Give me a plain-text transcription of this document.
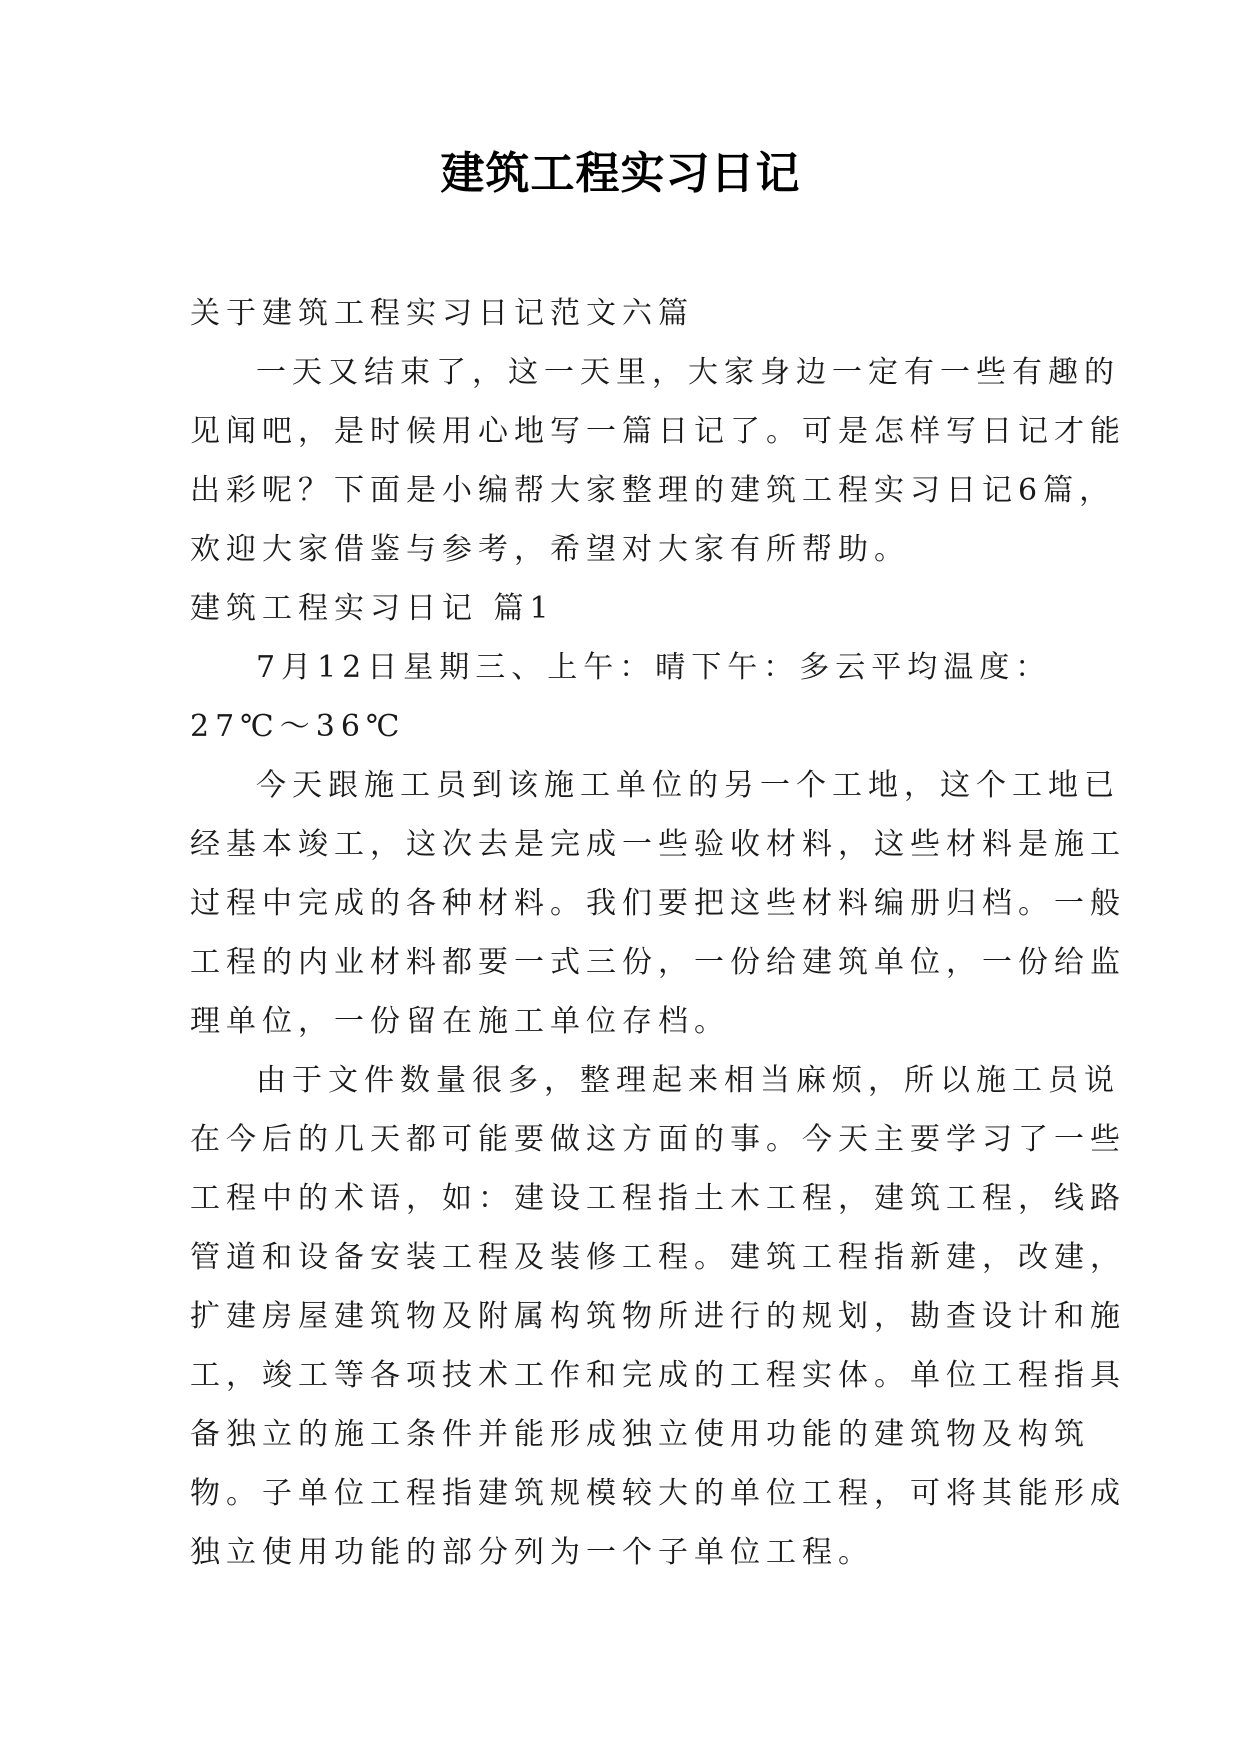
建筑工程实习日记

关于建筑工程实习日记范文六篇

一天又结束了，这一天里，大家身边一定有一些有趣的
见闻吧，是时候用心地写一篇日记了。可是怎样写日记才能
出彩呢？下面是小编帮大家整理的建筑工程实习日记6篇，
欢迎大家借鉴与参考，希望对大家有所帮助。

建筑工程实习日记 篇1

7月12日星期三、上午：晴下午：多云平均温度：
27℃～36℃

今天跟施工员到该施工单位的另一个工地，这个工地已
经基本竣工，这次去是完成一些验收材料，这些材料是施工
过程中完成的各种材料。我们要把这些材料编册归档。一般
工程的内业材料都要一式三份，一份给建筑单位，一份给监
理单位，一份留在施工单位存档。

由于文件数量很多，整理起来相当麻烦，所以施工员说
在今后的几天都可能要做这方面的事。今天主要学习了一些
工程中的术语，如：建设工程指土木工程，建筑工程，线路
管道和设备安装工程及装修工程。建筑工程指新建，改建，
扩建房屋建筑物及附属构筑物所进行的规划，勘查设计和施
工，竣工等各项技术工作和完成的工程实体。单位工程指具
备独立的施工条件并能形成独立使用功能的建筑物及构筑
物。子单位工程指建筑规模较大的单位工程，可将其能形成
独立使用功能的部分列为一个子单位工程。
